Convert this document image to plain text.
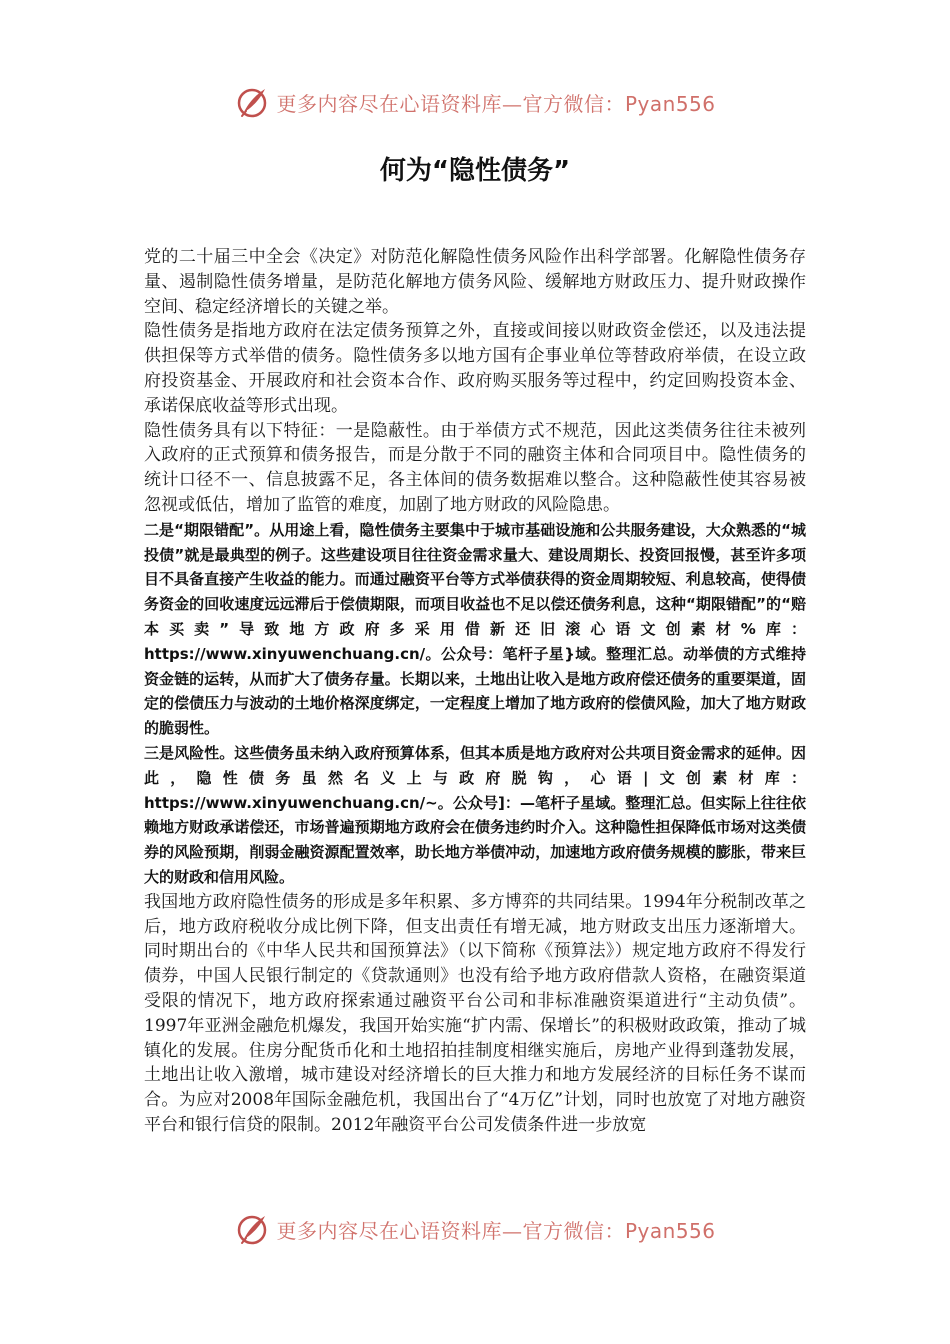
更多内容尽在心语资料库—官方微信：Pyan556
何为“隐性债务”

党的二十届三中全会《决定》对防范化解隐性债务风险作出科学部署。化解隐性债务存量、遏制隐性债务增量，是防范化解地方债务风险、缓解地方财政压力、提升财政操作空间、稳定经济增长的关键之举。

隐性债务是指地方政府在法定债务预算之外，直接或间接以财政资金偿还，以及违法提供担保等方式举借的债务。隐性债务多以地方国有企事业单位等替政府举债，在设立政府投资基金、开展政府和社会资本合作、政府购买服务等过程中，约定回购投资本金、承诺保底收益等形式出现。

隐性债务具有以下特征：一是隐蔽性。由于举债方式不规范，因此这类债务往往未被列入政府的正式预算和债务报告，而是分散于不同的融资主体和合同项目中。隐性债务的统计口径不一、信息披露不足，各主体间的债务数据难以整合。这种隐蔽性使其容易被忽视或低估，增加了监管的难度，加剧了地方财政的风险隐患。

二是“期限错配”。从用途上看，隐性债务主要集中于城市基础设施和公共服务建设，大众熟悉的“城投债”就是最典型的例子。这些建设项目往往资金需求量大、建设周期长、投资回报慢，甚至许多项目不具备直接产生收益的能力。而通过融资平台等方式举债获得的资金周期较短、利息较高，使得债务资金的回收速度远远滞后于偿债期限，而项目收益也不足以偿还债务利息，这种“期限错配”的“赔本买卖”导致地方政府多采用借新还旧滚心语文创素材%库：https://www.xinyuwenchuang.cn/。公众号：笔杆子星}域。整理汇总。动举债的方式维持资金链的运转，从而扩大了债务存量。长期以来，土地出让收入是地方政府偿还债务的重要渠道，固定的偿债压力与波动的土地价格深度绑定，一定程度上增加了地方政府的偿债风险，加大了地方财政的脆弱性。

三是风险性。这些债务虽未纳入政府预算体系，但其本质是地方政府对公共项目资金需求的延伸。因此，隐性债务虽然名义上与政府脱钩，心语|文创素材库：https://www.xinyuwenchuang.cn/~。公众号]：—笔杆子星域。整理汇总。但实际上往往依赖地方财政承诺偿还，市场普遍预期地方政府会在债务违约时介入。这种隐性担保降低市场对这类债券的风险预期，削弱金融资源配置效率，助长地方举债冲动，加速地方政府债务规模的膨胀，带来巨大的财政和信用风险。

我国地方政府隐性债务的形成是多年积累、多方博弈的共同结果。1994年分税制改革之后，地方政府税收分成比例下降，但支出责任有增无减，地方财政支出压力逐渐增大。同时期出台的《中华人民共和国预算法》（以下简称《预算法》）规定地方政府不得发行债券，中国人民银行制定的《贷款通则》也没有给予地方政府借款人资格，在融资渠道受限的情况下，地方政府探索通过融资平台公司和非标准融资渠道进行“主动负债”。1997年亚洲金融危机爆发，我国开始实施“扩内需、保增长”的积极财政政策，推动了城镇化的发展。住房分配货币化和土地招拍挂制度相继实施后，房地产业得到蓬勃发展，土地出让收入激增，城市建设对经济增长的巨大推力和地方发展经济的目标任务不谋而合。为应对2008年国际金融危机，我国出台了“4万亿”计划，同时也放宽了对地方融资平台和银行信贷的限制。2012年融资平台公司发债条件进一步放宽

更多内容尽在心语资料库—官方微信：Pyan556
